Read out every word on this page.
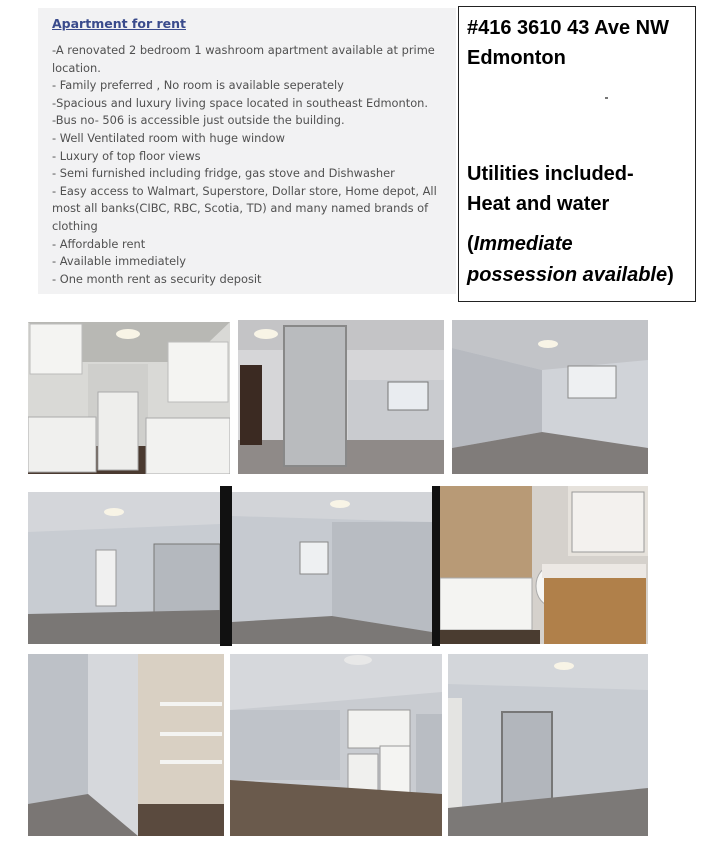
Apartment for rent
-A renovated 2 bedroom 1 washroom apartment available at prime location.
- Family preferred , No room is available seperately
-Spacious and luxury living space located in southeast Edmonton.
-Bus no- 506 is accessible just outside the building.
- Well Ventilated room with huge window
- Luxury of top floor views
- Semi furnished including fridge, gas stove and Dishwasher
- Easy access to Walmart, Superstore, Dollar store, Home depot, All most all banks(CIBC, RBC, Scotia, TD) and many named brands of clothing
- Affordable rent
- Available immediately
- One month rent as security deposit
#416 3610 43 Ave NW
Edmonton
Utilities included-
Heat and water
(Immediate
possession available)
